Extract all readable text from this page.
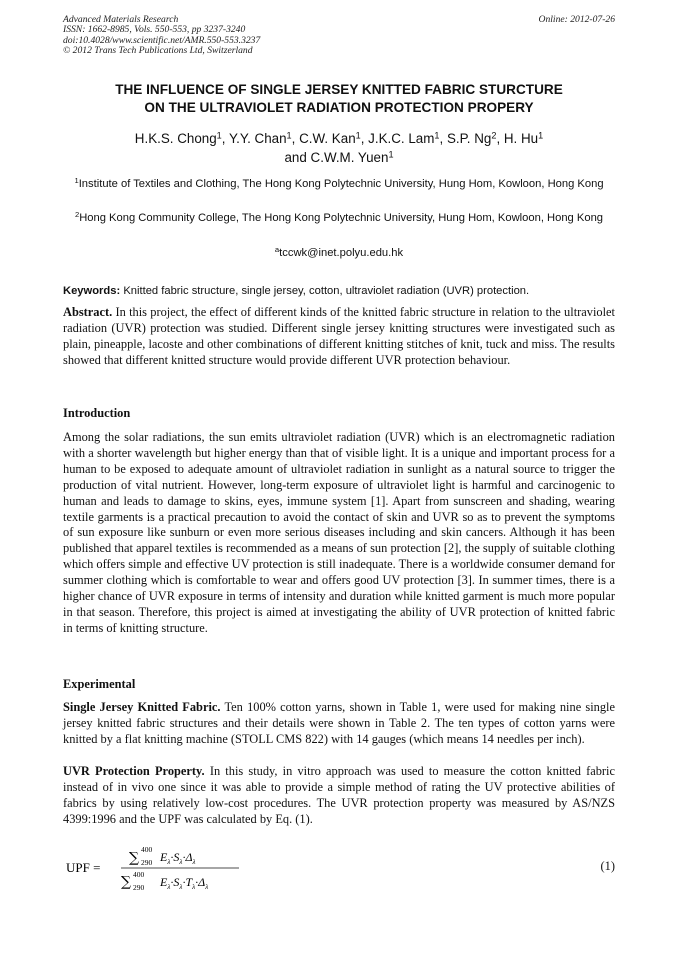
Advanced Materials Research
ISSN: 1662-8985, Vols. 550-553, pp 3237-3240
doi:10.4028/www.scientific.net/AMR.550-553.3237
© 2012 Trans Tech Publications Ltd, Switzerland
Online: 2012-07-26
THE INFLUENCE OF SINGLE JERSEY KNITTED FABRIC STURCTURE
ON THE ULTRAVIOLET RADIATION PROTECTION PROPERY
H.K.S. Chong$^1$, Y.Y. Chan$^1$, C.W. Kan$^1$, J.K.C. Lam$^1$, S.P. Ng$^2$, H. Hu$^1$
and C.W.M. Yuen$^1$
$^1$Institute of Textiles and Clothing, The Hong Kong Polytechnic University, Hung Hom, Kowloon, Hong Kong
$^2$Hong Kong Community College, The Hong Kong Polytechnic University, Hung Hom, Kowloon, Hong Kong
$^a$tccwk@inet.polyu.edu.hk
Keywords: Knitted fabric structure, single jersey, cotton, ultraviolet radiation (UVR) protection.
Abstract. In this project, the effect of different kinds of the knitted fabric structure in relation to the ultraviolet radiation (UVR) protection was studied. Different single jersey knitting structures were investigated such as plain, pineapple, lacoste and other combinations of different knitting stitches of knit, tuck and miss. The results showed that different knitted structure would provide different UVR protection behaviour.
Introduction
Among the solar radiations, the sun emits ultraviolet radiation (UVR) which is an electromagnetic radiation with a shorter wavelength but higher energy than that of visible light. It is a unique and important process for a human to be exposed to adequate amount of ultraviolet radiation in sunlight as a natural source to trigger the production of vital nutrient. However, long-term exposure of ultraviolet light is harmful and carcinogenic to human and leads to damage to skins, eyes, immune system [1]. Apart from sunscreen and shading, wearing textile garments is a practical precaution to avoid the contact of skin and UVR so as to prevent the symptoms of sun exposure like sunburn or even more serious diseases including and skin cancers. Although it has been published that apparel textiles is recommended as a means of sun protection [2], the supply of suitable clothing which offers simple and effective UV protection is still inadequate. There is a worldwide consumer demand for summer clothing which is comfortable to wear and offers good UV protection [3]. In summer times, there is a higher chance of UVR exposure in terms of intensity and duration while knitted garment is much more popular in that season. Therefore, this project is aimed at investigating the ability of UVR protection of knitted fabric in terms of knitting structure.
Experimental
Single Jersey Knitted Fabric. Ten 100% cotton yarns, shown in Table 1, were used for making nine single jersey knitted fabric structures and their details were shown in Table 2. The ten types of cotton yarns were knitted by a flat knitting machine (STOLL CMS 822) with 14 gauges (which means 14 needles per inch).
UVR Protection Property. In this study, in vitro approach was used to measure the cotton knitted fabric instead of in vivo one since it was able to provide a simple method of rating the UV protective abilities of fabrics by using relatively low-cost procedures. The UVR protection property was measured by AS/NZS 4399:1996 and the UPF was calculated by Eq. (1).
UPF =
∑
400
290 $E_\lambda\cdot S_\lambda\cdot\Delta_\lambda$
∑ 400
290 $E_\lambda\cdot S_\lambda\cdot T_\lambda\cdot\Delta_\lambda$
(1)
